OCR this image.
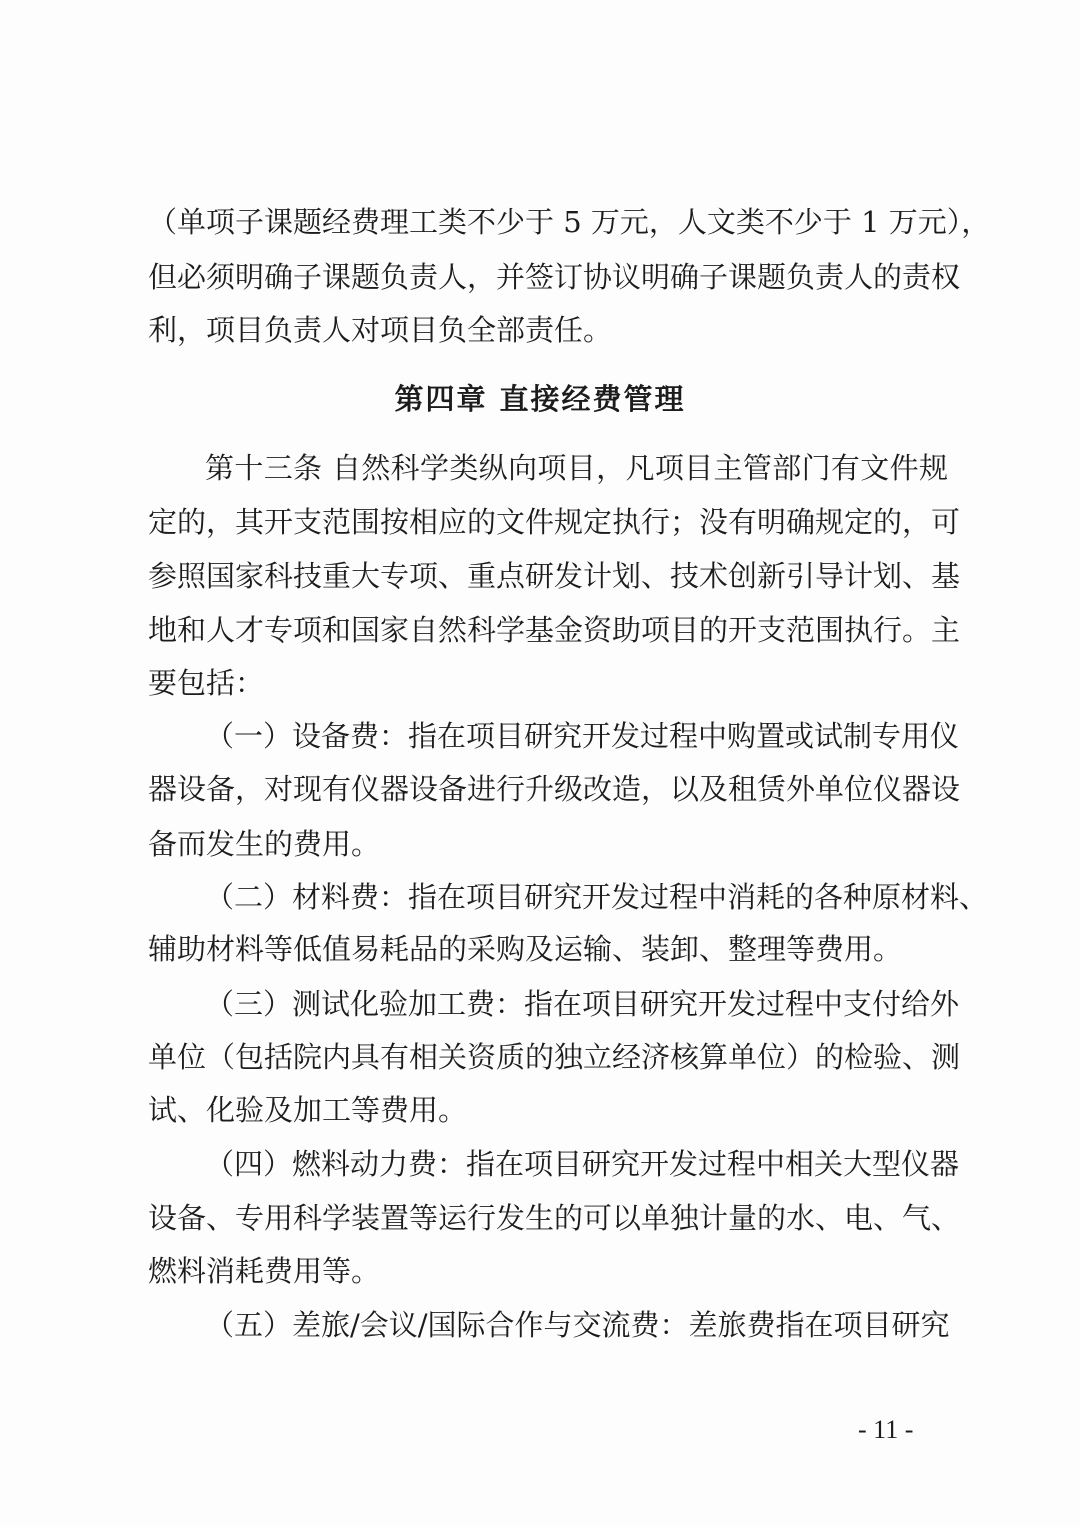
（单项子课题经费理工类不少于 5 万元，人文类不少于 1 万元），
但必须明确子课题负责人，并签订协议明确子课题负责人的责权
利，项目负责人对项目负全部责任。
第四章 直接经费管理
第十三条 自然科学类纵向项目，凡项目主管部门有文件规
定的，其开支范围按相应的文件规定执行；没有明确规定的，可
参照国家科技重大专项、重点研发计划、技术创新引导计划、基
地和人才专项和国家自然科学基金资助项目的开支范围执行。主
要包括：
（一）设备费：指在项目研究开发过程中购置或试制专用仪
器设备，对现有仪器设备进行升级改造，以及租赁外单位仪器设
备而发生的费用。
（二）材料费：指在项目研究开发过程中消耗的各种原材料、
辅助材料等低值易耗品的采购及运输、装卸、整理等费用。
（三）测试化验加工费：指在项目研究开发过程中支付给外
单位（包括院内具有相关资质的独立经济核算单位）的检验、测
试、化验及加工等费用。
（四）燃料动力费：指在项目研究开发过程中相关大型仪器
设备、专用科学装置等运行发生的可以单独计量的水、电、气、
燃料消耗费用等。
（五）差旅/会议/国际合作与交流费：差旅费指在项目研究
- 11 -
